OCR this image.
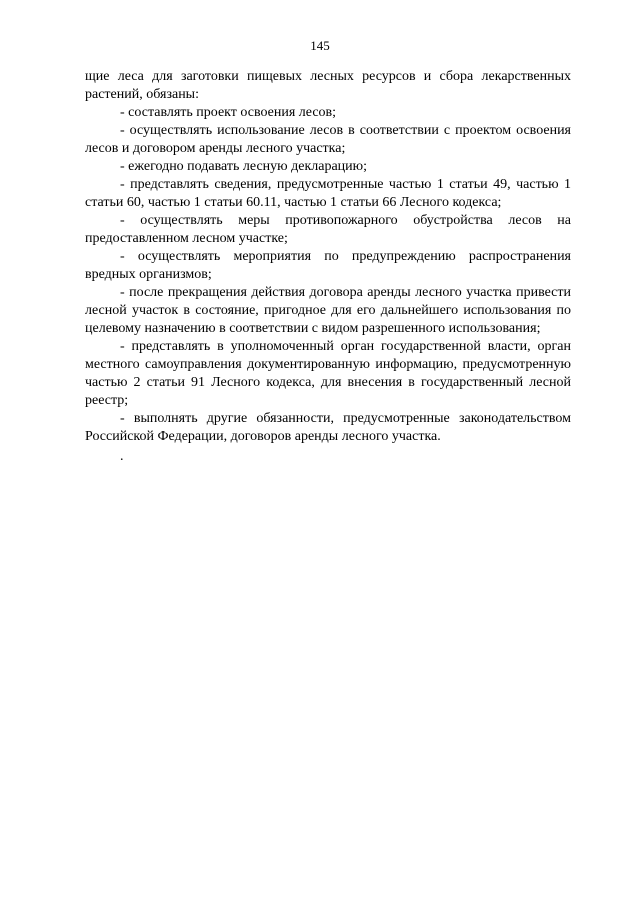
145

щие леса для заготовки пищевых лесных ресурсов и сбора лекарственных растений, обязаны:

- составлять проект освоения лесов;

- осуществлять использование лесов в соответствии с проектом освоения лесов и договором аренды лесного участка;

- ежегодно подавать лесную декларацию;

- представлять сведения, предусмотренные частью 1 статьи 49, частью 1 статьи 60, частью 1 статьи 60.11, частью 1 статьи 66 Лесного кодекса;

- осуществлять меры противопожарного обустройства лесов на предоставленном лесном участке;

- осуществлять мероприятия по предупреждению распространения вредных организмов;

- после прекращения действия договора аренды лесного участка привести лесной участок в состояние, пригодное для его дальнейшего использования по целевому назначению в соответствии с видом разрешенного использования;

- представлять в уполномоченный орган государственной власти, орган местного самоуправления документированную информацию, предусмотренную частью 2 статьи 91 Лесного кодекса, для внесения в государственный лесной реестр;

- выполнять другие обязанности, предусмотренные законодательством Российской Федерации, договоров аренды лесного участка.

.
